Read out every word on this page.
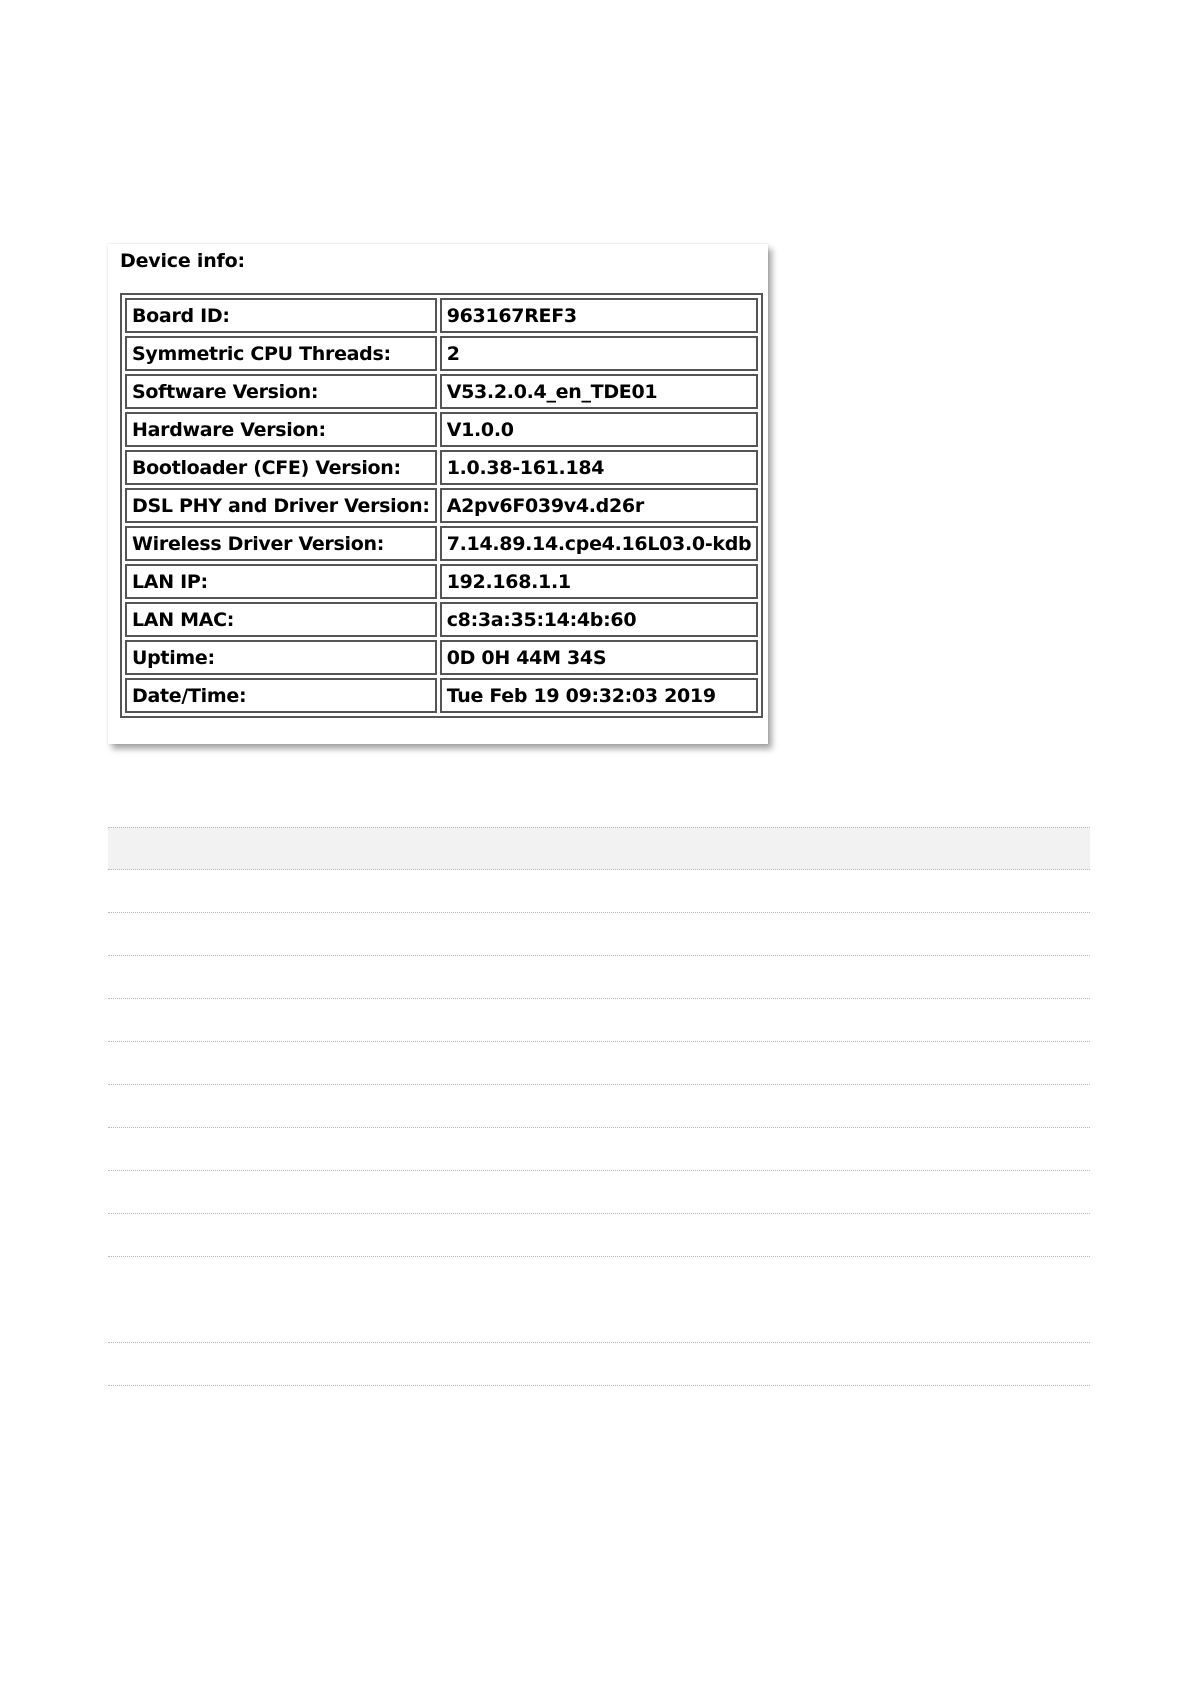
Device info:
Board ID:	963167REF3
Symmetric CPU Threads:	2
Software Version:	V53.2.0.4_en_TDE01
Hardware Version:	V1.0.0
Bootloader (CFE) Version:	1.0.38-161.184
DSL PHY and Driver Version:	A2pv6F039v4.d26r
Wireless Driver Version:	7.14.89.14.cpe4.16L03.0-kdb
LAN IP:	192.168.1.1
LAN MAC:	c8:3a:35:14:4b:60
Uptime:	0D 0H 44M 34S
Date/Time:	Tue Feb 19 09:32:03 2019
